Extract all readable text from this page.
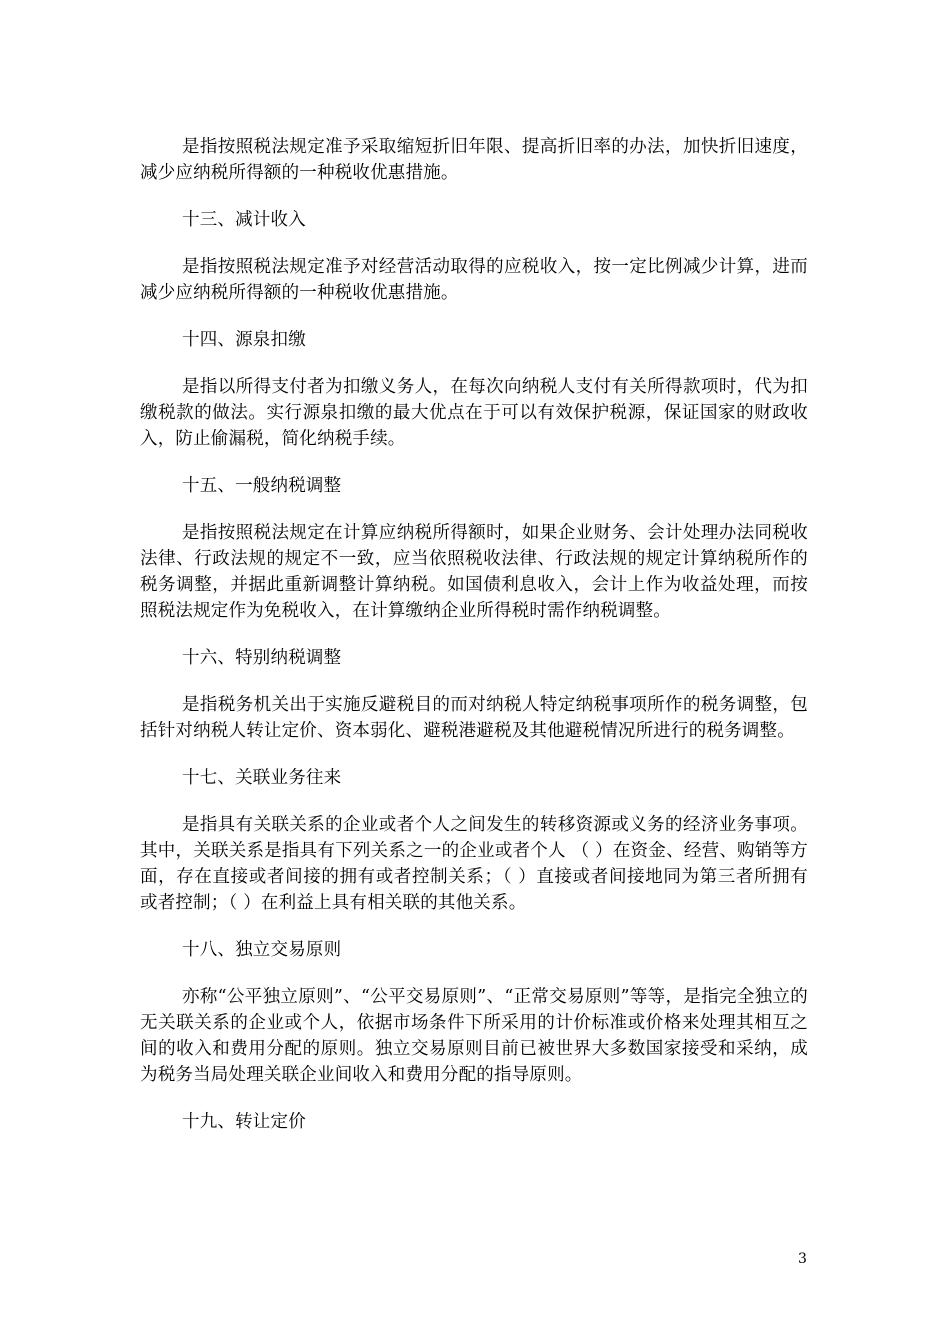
是指按照税法规定准予采取缩短折旧年限、提高折旧率的办法，加快折旧速度，减少应纳税所得额的一种税收优惠措施。

十三、减计收入

是指按照税法规定准予对经营活动取得的应税收入，按一定比例减少计算，进而减少应纳税所得额的一种税收优惠措施。

十四、源泉扣缴

是指以所得支付者为扣缴义务人，在每次向纳税人支付有关所得款项时，代为扣缴税款的做法。实行源泉扣缴的最大优点在于可以有效保护税源，保证国家的财政收入，防止偷漏税，简化纳税手续。

十五、一般纳税调整

是指按照税法规定在计算应纳税所得额时，如果企业财务、会计处理办法同税收法律、行政法规的规定不一致，应当依照税收法律、行政法规的规定计算纳税所作的税务调整，并据此重新调整计算纳税。如国债利息收入，会计上作为收益处理，而按照税法规定作为免税收入，在计算缴纳企业所得税时需作纳税调整。

十六、特别纳税调整

是指税务机关出于实施反避税目的而对纳税人特定纳税事项所作的税务调整，包括针对纳税人转让定价、资本弱化、避税港避税及其他避税情况所进行的税务调整。

十七、关联业务往来

是指具有关联关系的企业或者个人之间发生的转移资源或义务的经济业务事项。其中，关联关系是指具有下列关系之一的企业或者个人 （ ）在资金、经营、购销等方面，存在直接或者间接的拥有或者控制关系；（ ）直接或者间接地同为第三者所拥有或者控制；（ ）在利益上具有相关联的其他关系。

十八、独立交易原则

亦称“公平独立原则”、“公平交易原则”、“正常交易原则”等等，是指完全独立的无关联关系的企业或个人，依据市场条件下所采用的计价标准或价格来处理其相互之间的收入和费用分配的原则。独立交易原则目前已被世界大多数国家接受和采纳，成为税务当局处理关联企业间收入和费用分配的指导原则。

十九、转让定价

3
